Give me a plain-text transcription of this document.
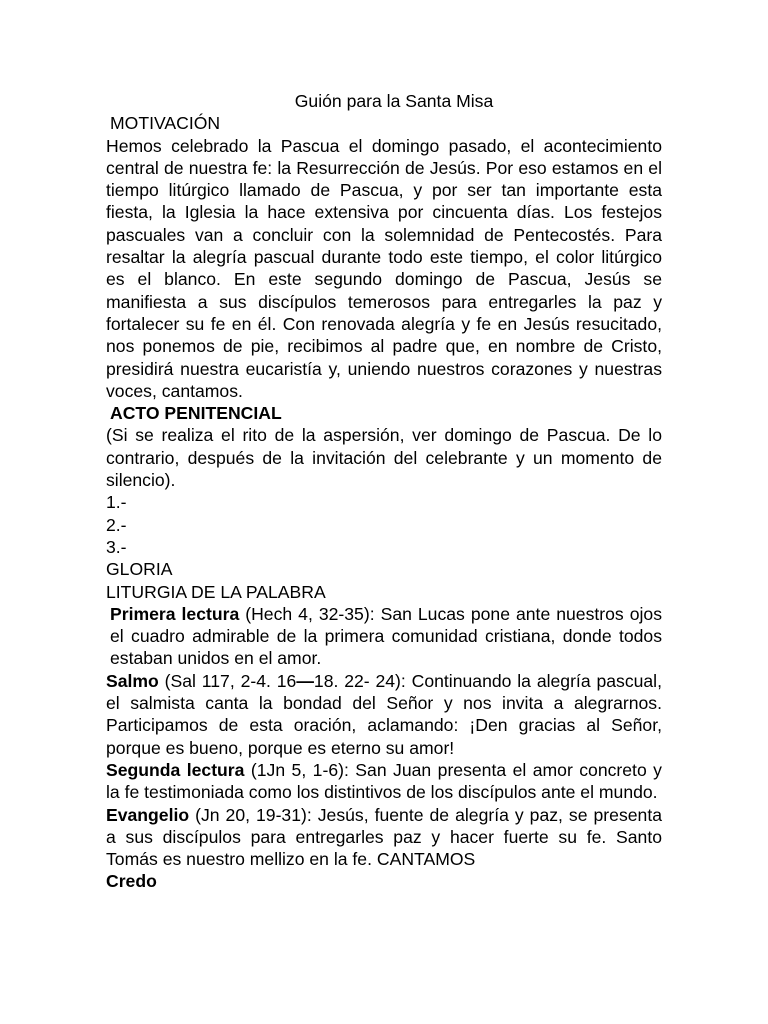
Guión para la Santa Misa

MOTIVACIÓN

Hemos celebrado la Pascua el domingo pasado, el acontecimiento central de nuestra fe: la Resurrección de Jesús. Por eso estamos en el tiempo litúrgico llamado de Pascua, y por ser tan importante esta fiesta, la Iglesia la hace extensiva por cincuenta días. Los festejos pascuales van a concluir con la solemnidad de Pentecostés. Para resaltar la alegría pascual durante todo este tiempo, el color litúrgico es el blanco. En este segundo domingo de Pascua, Jesús se manifiesta a sus discípulos temerosos para entregarles la paz y fortalecer su fe en él. Con renovada alegría y fe en Jesús resucitado, nos ponemos de pie, recibimos al padre que, en nombre de Cristo, presidirá nuestra eucaristía y, uniendo nuestros corazones y nuestras voces, cantamos.

ACTO PENITENCIAL

(Si se realiza el rito de la aspersión, ver domingo de Pascua. De lo contrario, después de la invitación del celebrante y un momento de silencio).

1.-

2.-

3.-

GLORIA

LITURGIA DE LA PALABRA

Primera lectura (Hech 4, 32-35): San Lucas pone ante nuestros ojos el cuadro admirable de la primera comunidad cristiana, donde todos estaban unidos en el amor.

Salmo (Sal 117, 2-4. 16—18. 22- 24): Continuando la alegría pascual, el salmista canta la bondad del Señor y nos invita a alegrarnos. Participamos de esta oración, aclamando: ¡Den gracias al Señor, porque es bueno, porque es eterno su amor!

Segunda lectura (1Jn 5, 1-6): San Juan presenta el amor concreto y la fe testimoniada como los distintivos de los discípulos ante el mundo.

Evangelio (Jn 20, 19-31): Jesús, fuente de alegría y paz, se presenta a sus discípulos para entregarles paz y hacer fuerte su fe. Santo Tomás es nuestro mellizo en la fe. CANTAMOS

Credo
